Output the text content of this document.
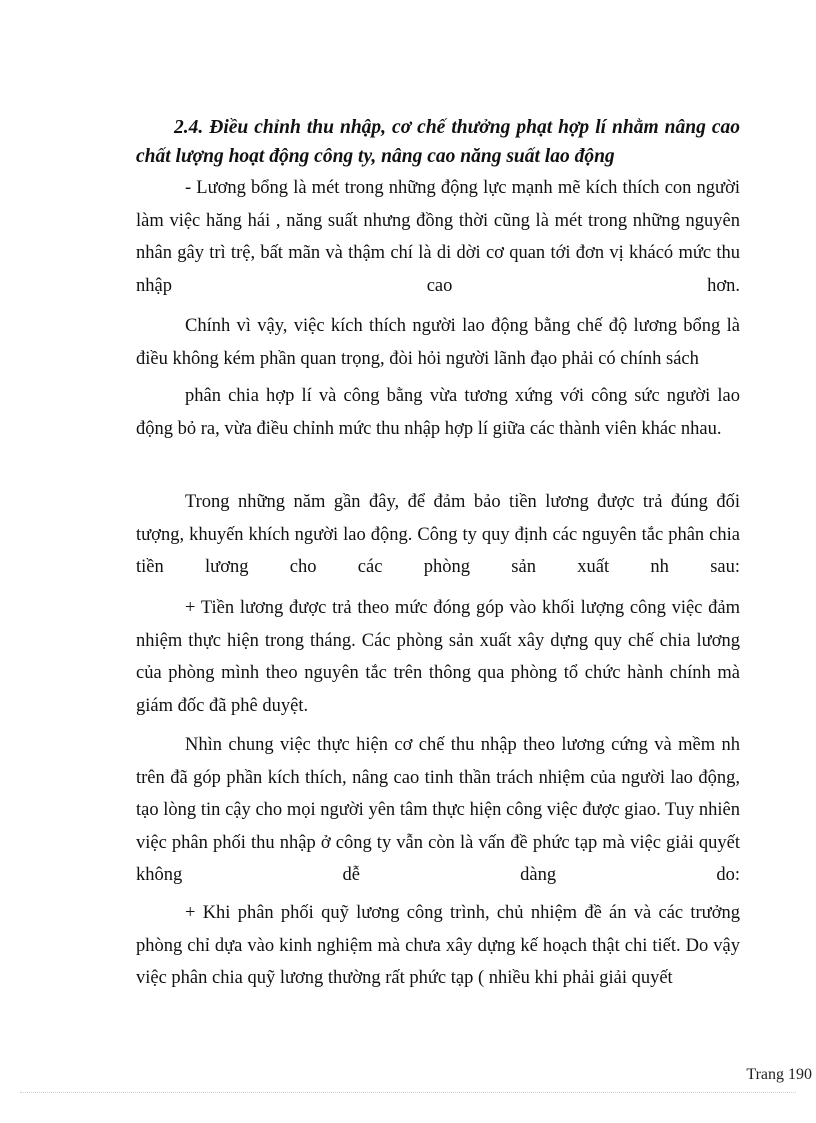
2.4. Điều chỉnh thu nhập, cơ chế thưởng phạt hợp lí nhằm nâng cao chất lượng hoạt động công ty, nâng cao năng suất lao động

- Lương bổng là mét trong những động lực mạnh mẽ kích thích con người làm việc hăng hái , năng suất nhưng đồng thời cũng là mét trong những nguyên nhân gây trì trệ, bất mãn và thậm chí là di dời cơ quan tới đơn vị khácó mức thu nhập cao hơn.

Chính vì vậy, việc kích thích người lao động bằng chế độ lương bổng là điều không kém phần quan trọng, đòi hỏi người lãnh đạo phải có chính sách

phân chia hợp lí và công bằng vừa tương xứng với công sức người lao động bỏ ra, vừa điều chỉnh mức thu nhập hợp lí giữa các thành viên khác nhau.

Trong những năm gần đây, để đảm bảo tiền lương được trả đúng đối tượng, khuyến khích người lao động. Công ty quy định các nguyên tắc phân chia tiền lương cho các phòng sản xuất nh sau:

+ Tiền lương được trả theo mức đóng góp vào khối lượng công việc đảm nhiệm thực hiện trong tháng. Các phòng sản xuất xây dựng quy chế chia lương của phòng mình theo nguyên tắc trên thông qua phòng tổ chức hành chính mà giám đốc đã phê duyệt.

Nhìn chung việc thực hiện cơ chế thu nhập theo lương cứng và mềm nh trên đã góp phần kích thích, nâng cao tinh thần trách nhiệm của người lao động, tạo lòng tin cậy cho mọi người yên tâm thực hiện công việc được giao. Tuy nhiên việc phân phối thu nhập ở công ty vẫn còn là vấn đề phức tạp mà việc giải quyết không dễ dàng do:

+ Khi phân phối quỹ lương công trình, chủ nhiệm đề án và các trưởng phòng chỉ dựa vào kinh nghiệm mà chưa xây dựng kế hoạch thật chi tiết. Do vậy việc phân chia quỹ lương thường rất phức tạp ( nhiều khi phải giải quyết

Trang 190
